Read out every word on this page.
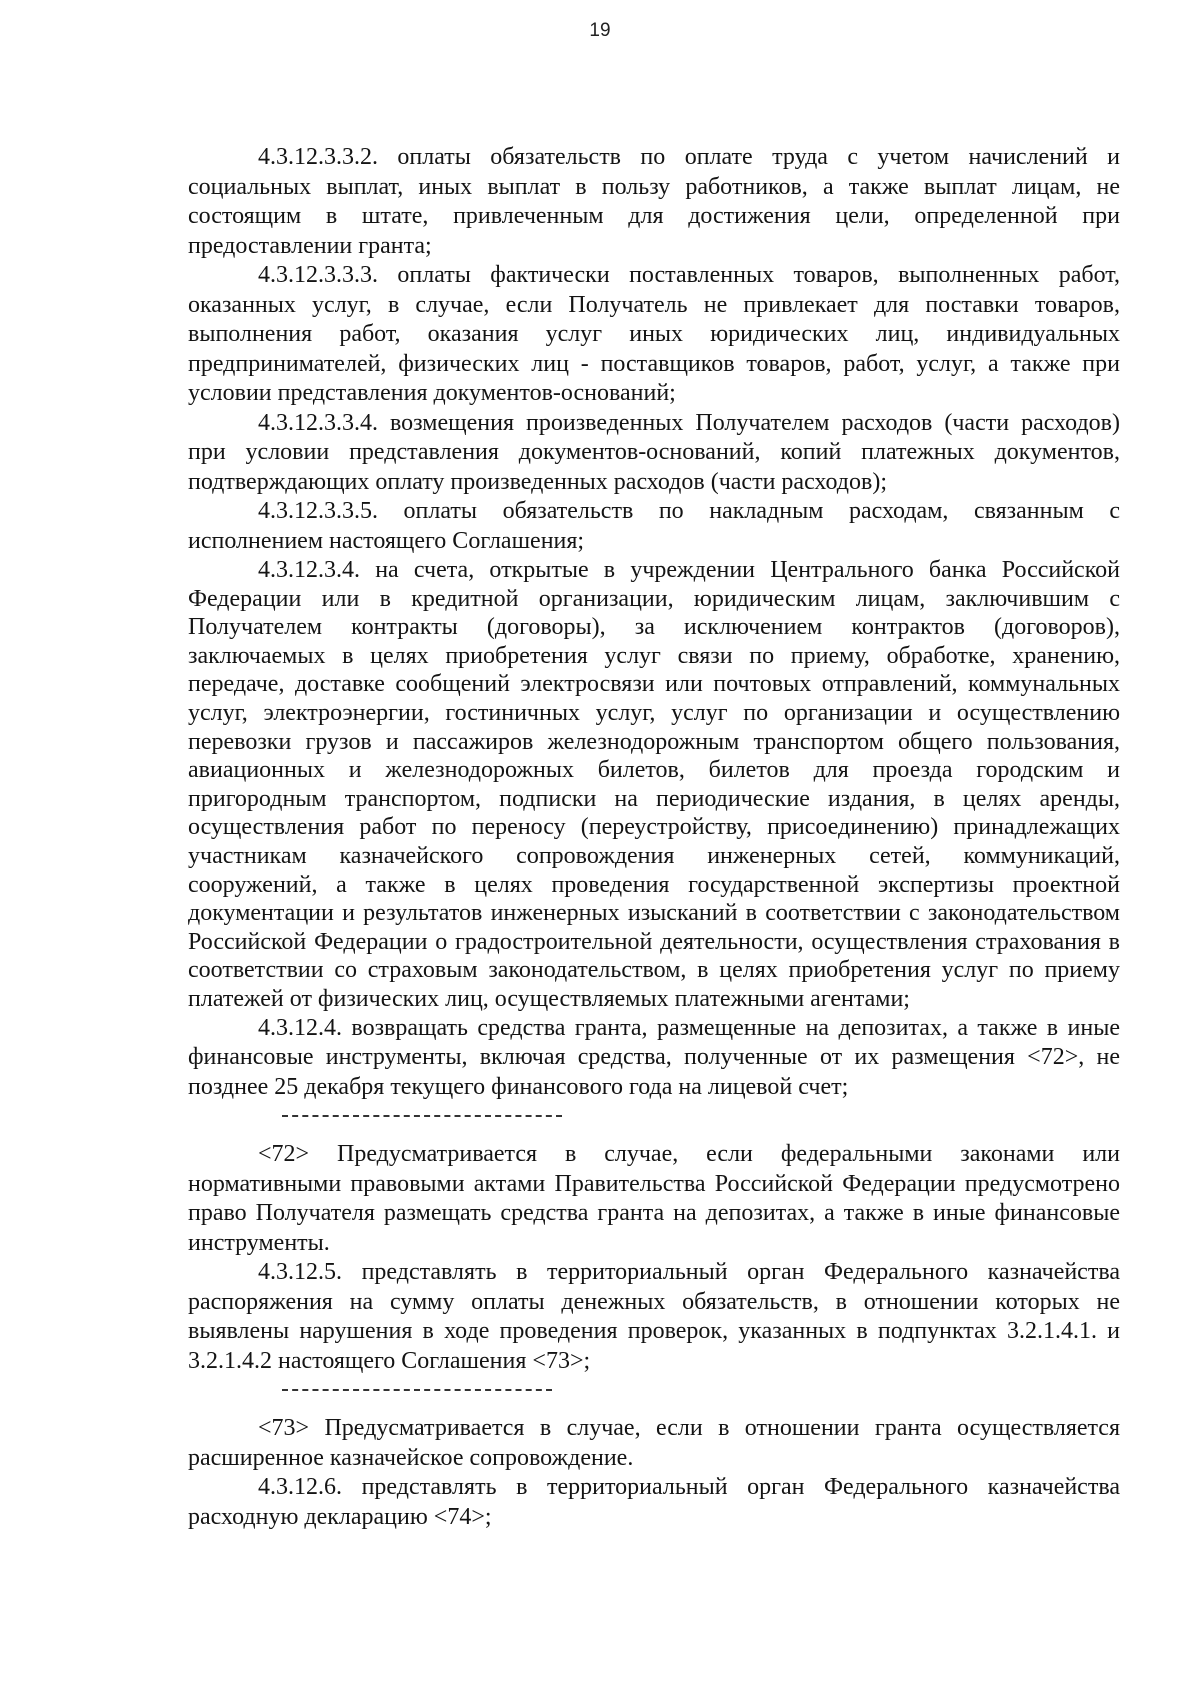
19

4.3.12.3.3.2. оплаты обязательств по оплате труда с учетом начислений и социальных выплат, иных выплат в пользу работников, а также выплат лицам, не состоящим в штате, привлеченным для достижения цели, определенной при предоставлении гранта;

4.3.12.3.3.3. оплаты фактически поставленных товаров, выполненных работ, оказанных услуг, в случае, если Получатель не привлекает для поставки товаров, выполнения работ, оказания услуг иных юридических лиц, индивидуальных предпринимателей, физических лиц - поставщиков товаров, работ, услуг, а также при условии представления документов-оснований;

4.3.12.3.3.4. возмещения произведенных Получателем расходов (части расходов) при условии представления документов-оснований, копий платежных документов, подтверждающих оплату произведенных расходов (части расходов);

4.3.12.3.3.5. оплаты обязательств по накладным расходам, связанным с исполнением настоящего Соглашения;

4.3.12.3.4. на счета, открытые в учреждении Центрального банка Российской Федерации или в кредитной организации, юридическим лицам, заключившим с Получателем контракты (договоры), за исключением контрактов (договоров), заключаемых в целях приобретения услуг связи по приему, обработке, хранению, передаче, доставке сообщений электросвязи или почтовых отправлений, коммунальных услуг, электроэнергии, гостиничных услуг, услуг по организации и осуществлению перевозки грузов и пассажиров железнодорожным транспортом общего пользования, авиационных и железнодорожных билетов, билетов для проезда городским и пригородным транспортом, подписки на периодические издания, в целях аренды, осуществления работ по переносу (переустройству, присоединению) принадлежащих участникам казначейского сопровождения инженерных сетей, коммуникаций, сооружений, а также в целях проведения государственной экспертизы проектной документации и результатов инженерных изысканий в соответствии с законодательством Российской Федерации о градостроительной деятельности, осуществления страхования в соответствии со страховым законодательством, в целях приобретения услуг по приему платежей от физических лиц, осуществляемых платежными агентами;

4.3.12.4. возвращать средства гранта, размещенные на депозитах, а также в иные финансовые инструменты, включая средства, полученные от их размещения <72>, не позднее 25 декабря текущего финансового года на лицевой счет;

<72> Предусматривается в случае, если федеральными законами или нормативными правовыми актами Правительства Российской Федерации предусмотрено право Получателя размещать средства гранта на депозитах, а также в иные финансовые инструменты.

4.3.12.5. представлять в территориальный орган Федерального казначейства распоряжения на сумму оплаты денежных обязательств, в отношении которых не выявлены нарушения в ходе проведения проверок, указанных в подпунктах 3.2.1.4.1. и 3.2.1.4.2 настоящего Соглашения <73>;

<73> Предусматривается в случае, если в отношении гранта осуществляется расширенное казначейское сопровождение.

4.3.12.6. представлять в территориальный орган Федерального казначейства расходную декларацию <74>;
